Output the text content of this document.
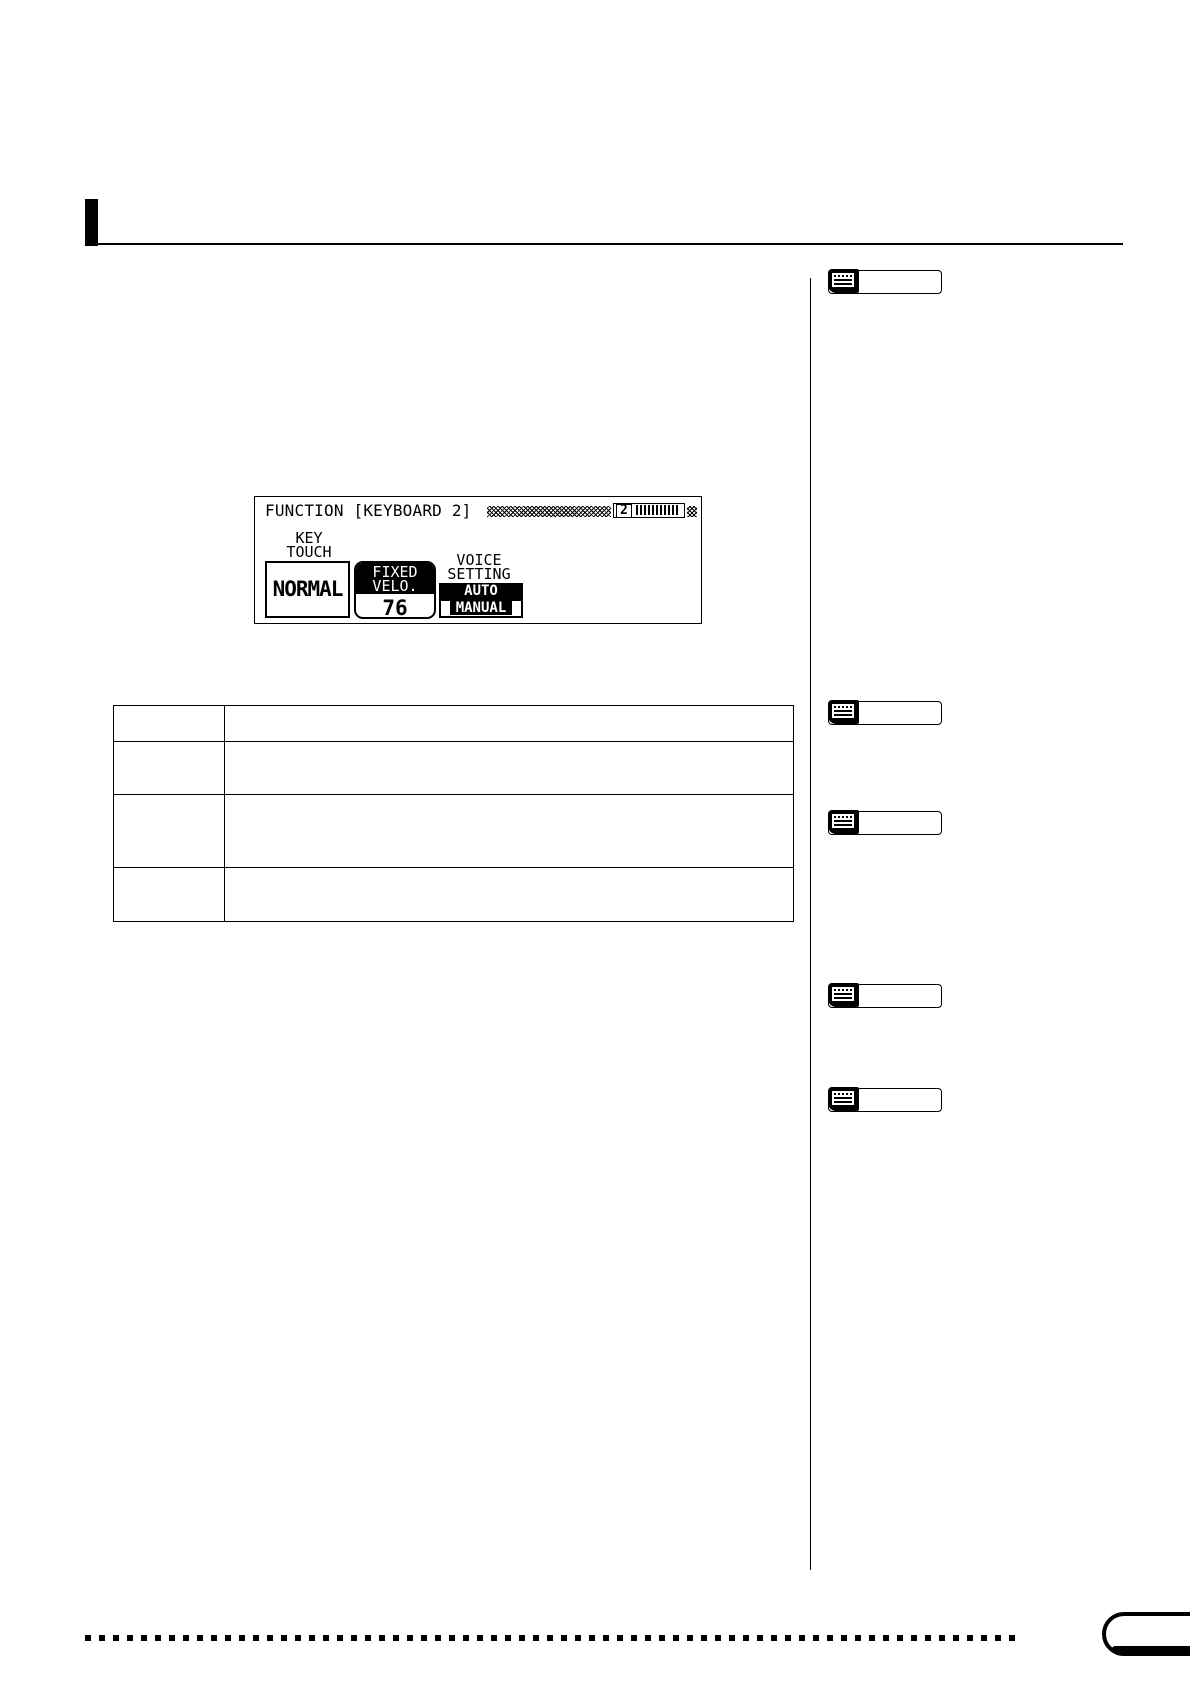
FUNCTION [KEYBOARD 2]	2
KEY
TOUCH
NORMAL
FIXED
VELO.
76
VOICE
SETTING
AUTO
MANUAL
